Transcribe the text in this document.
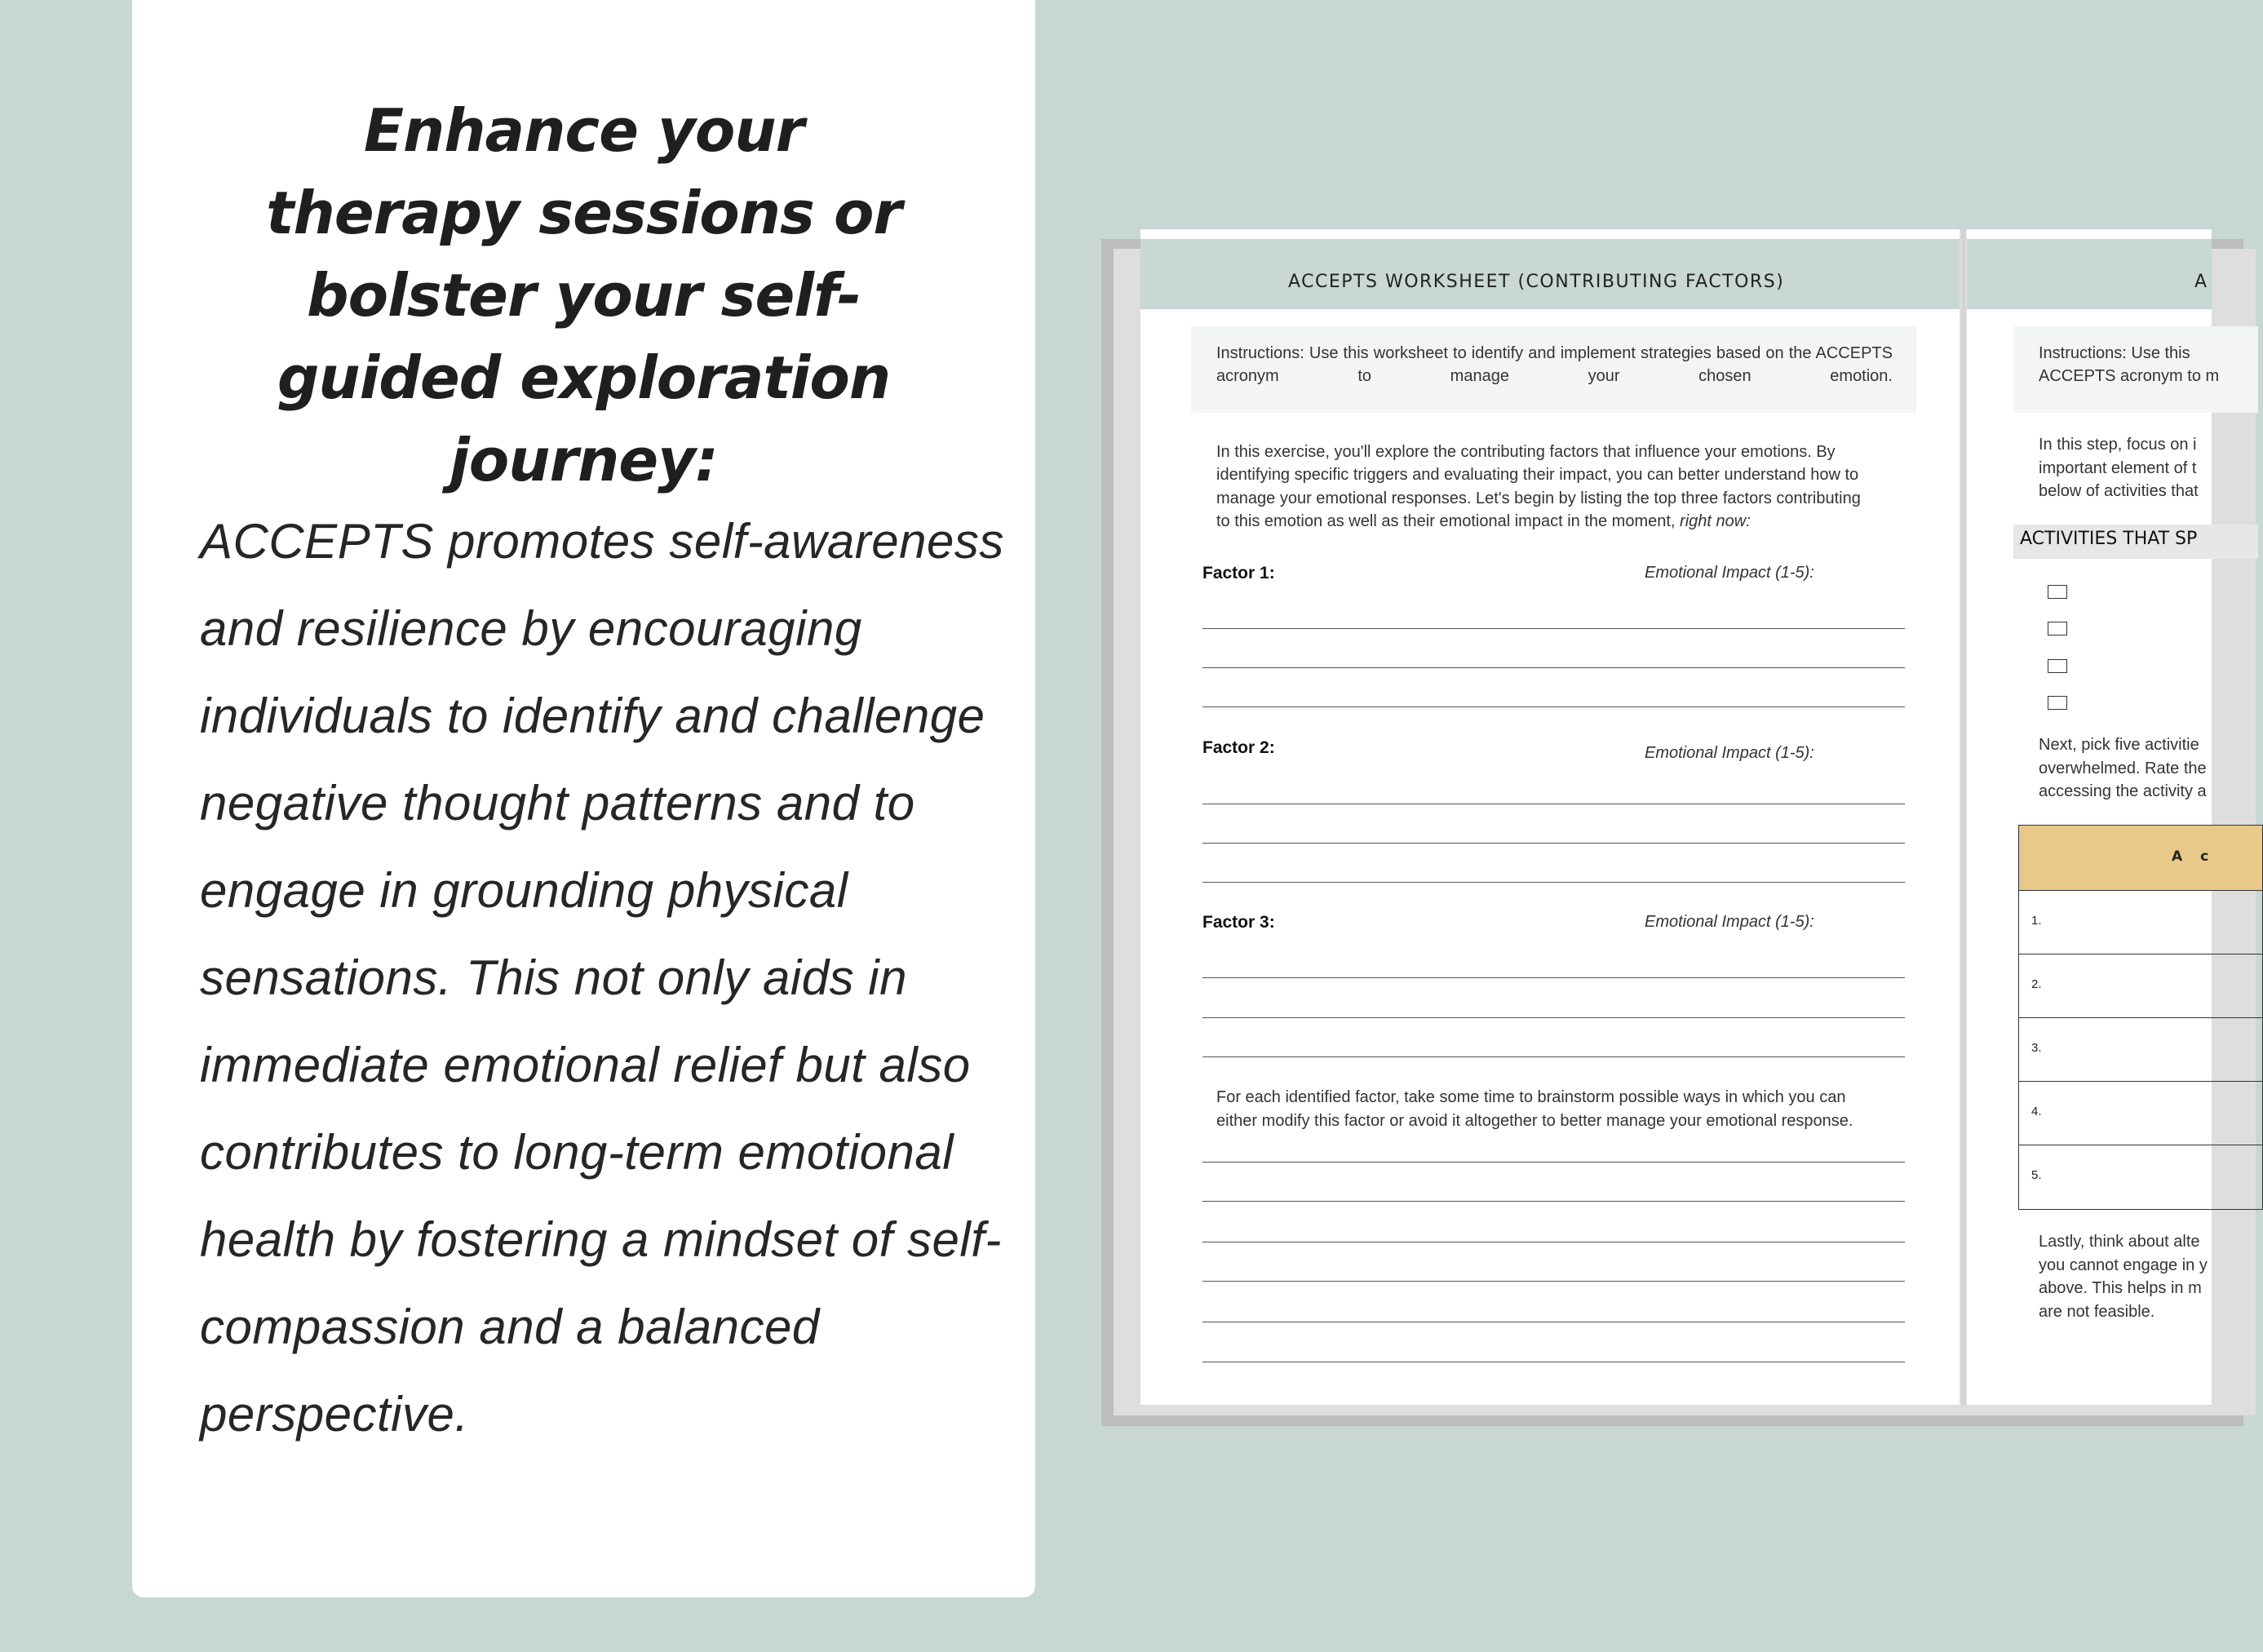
Enhance your therapy sessions or bolster your self-guided exploration journey:
ACCEPTS promotes self-awareness and resilience by encouraging individuals to identify and challenge negative thought patterns and to engage in grounding physical sensations. This not only aids in immediate emotional relief but also contributes to long-term emotional health by fostering a mindset of self-compassion and a balanced perspective.
ACCEPTS WORKSHEET (CONTRIBUTING FACTORS)
Instructions: Use this worksheet to identify and implement strategies based on the ACCEPTS acronym to manage your chosen emotion.
In this exercise, you'll explore the contributing factors that influence your emotions. By
identifying specific triggers and evaluating their impact, you can better understand how to
manage your emotional responses. Let's begin by listing the top three factors contributing
to this emotion as well as their emotional impact in the moment, right now:
Factor 1:	Emotional Impact (1-5):
Factor 2:	Emotional Impact (1-5):
Factor 3:	Emotional Impact (1-5):
For each identified factor, take some time to brainstorm possible ways in which you can
either modify this factor or avoid it altogether to better manage your emotional response.
A
Instructions: Use this
ACCEPTS acronym to m
In this step, focus on i
important element of t
below of activities that
ACTIVITIES THAT SP
Next, pick five activitie
overwhelmed. Rate the
accessing the activity a
A c
1.
2.
3.
4.
5.
Lastly, think about alte
you cannot engage in y
above. This helps in m
are not feasible.
